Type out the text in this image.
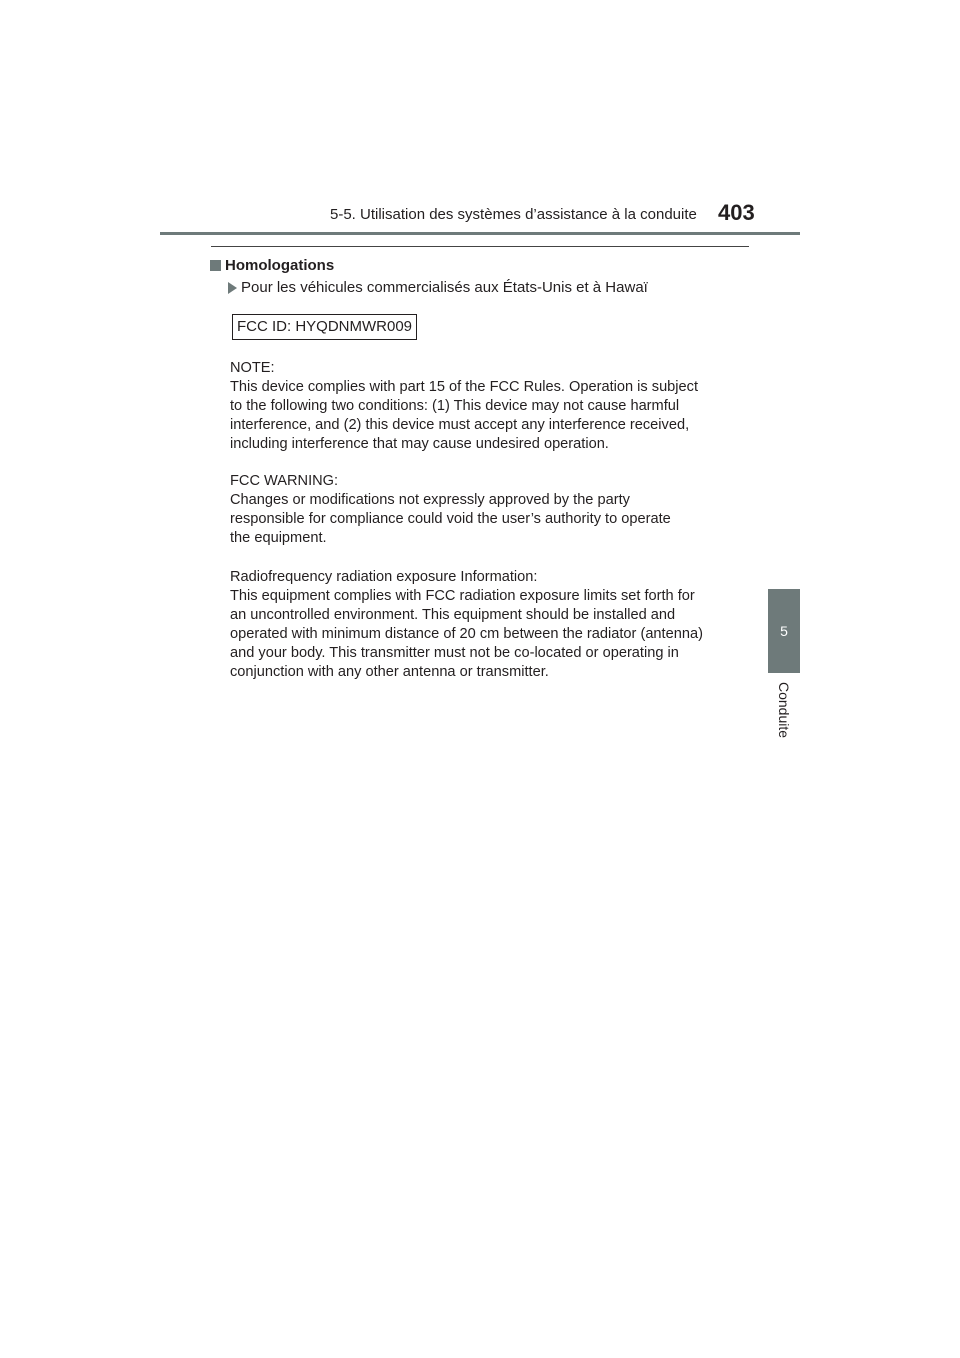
5-5. Utilisation des systèmes d’assistance à la conduite 403
5
Conduite
Homologations
Pour les véhicules commercialisés aux États-Unis et à Hawaï
FCC ID: HYQDNMWR009
NOTE:
This device complies with part 15 of the FCC Rules. Operation is subject
to the following two conditions: (1) This device may not cause harmful
interference, and (2) this device must accept any interference received,
including interference that may cause undesired operation.
FCC WARNING:
Changes or modifications not expressly approved by the party
responsible for compliance could void the user’s authority to operate
the equipment.
Radiofrequency radiation exposure Information:
This equipment complies with FCC radiation exposure limits set forth for
an uncontrolled environment. This equipment should be installed and
operated with minimum distance of 20 cm between the radiator (antenna)
and your body. This transmitter must not be co-located or operating in
conjunction with any other antenna or transmitter.
